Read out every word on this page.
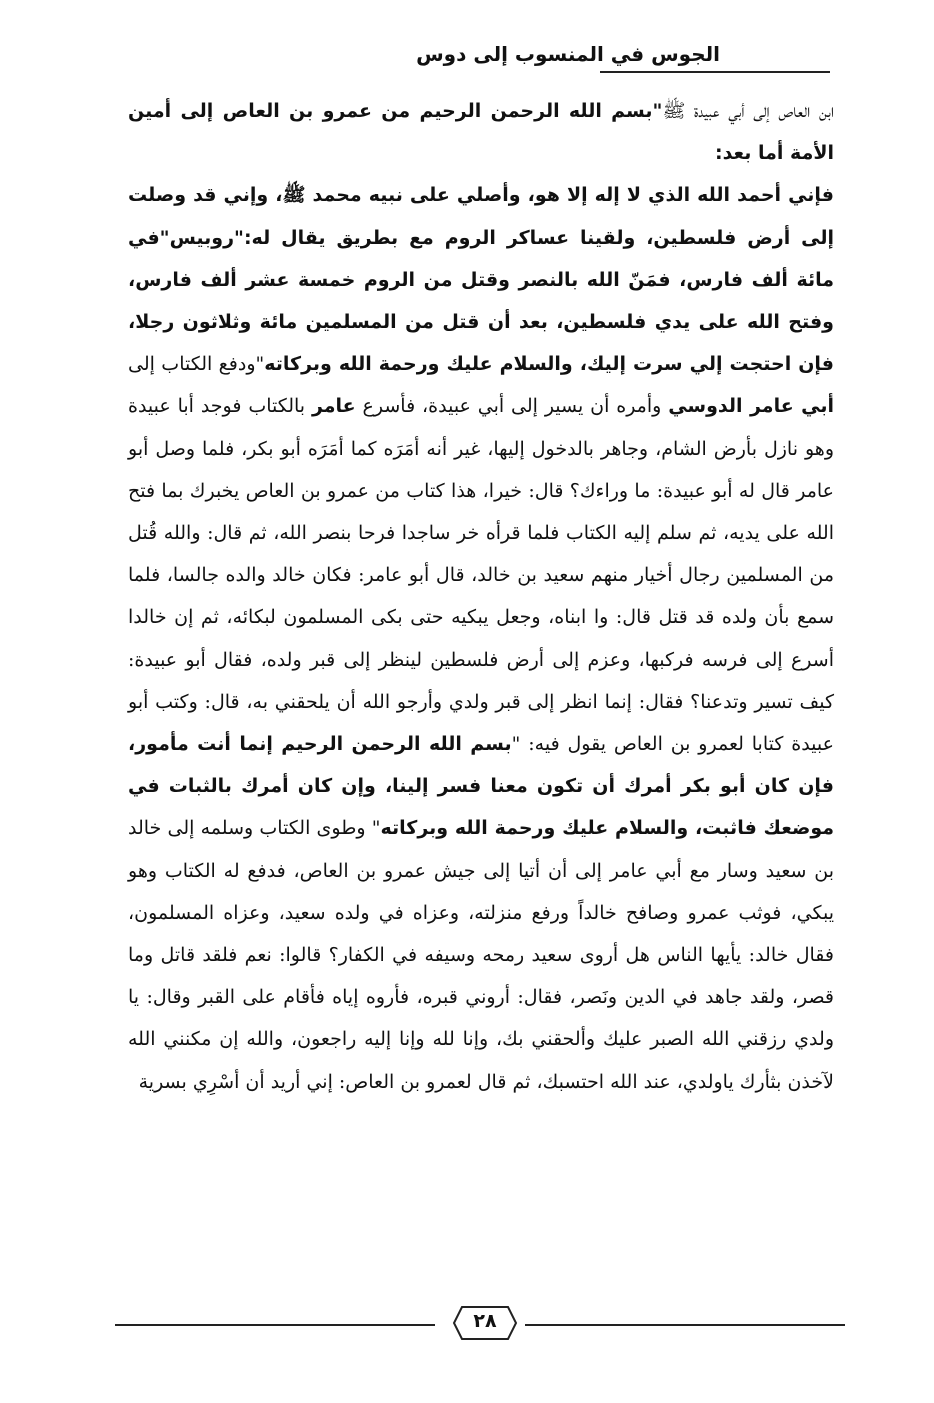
الجوس في المنسوب إلى دوس

ابن العاص إلى أبي عبيدة ﷺ"بسم الله الرحمن الرحيم من عمرو بن العاص إلى أمين الأمة أما بعد:

فإني أحمد الله الذي لا إله إلا هو، وأصلي على نبيه محمد ﷺ، وإني قد وصلت إلى أرض فلسطين، ولقينا عساكر الروم مع بطريق يقال له:"روبيس"في مائة ألف فارس، فمَنّ الله بالنصر وقتل من الروم خمسة عشر ألف فارس، وفتح الله على يدي فلسطين، بعد أن قتل من المسلمين مائة وثلاثون رجلا، فإن احتجت إلي سرت إليك، والسلام عليك ورحمة الله وبركاته"ودفع الكتاب إلى أبي عامر الدوسي وأمره أن يسير إلى أبي عبيدة، فأسرع عامر بالكتاب فوجد أبا عبيدة وهو نازل بأرض الشام، وجاهر بالدخول إليها، غير أنه أمَرَه كما أمَرَه أبو بكر، فلما وصل أبو عامر قال له أبو عبيدة: ما وراءك؟ قال: خيرا، هذا كتاب من عمرو بن العاص يخبرك بما فتح الله على يديه، ثم سلم إليه الكتاب فلما قرأه خر ساجدا فرحا بنصر الله، ثم قال: والله قُتل من المسلمين رجال أخيار منهم سعيد بن خالد، قال أبو عامر: فكان خالد والده جالسا، فلما سمع بأن ولده قد قتل قال: وا ابناه، وجعل يبكيه حتى بكى المسلمون لبكائه، ثم إن خالدا أسرع إلى فرسه فركبها، وعزم إلى أرض فلسطين لينظر إلى قبر ولده، فقال أبو عبيدة: كيف تسير وتدعنا؟ فقال: إنما انظر إلى قبر ولدي وأرجو الله أن يلحقني به، قال: وكتب أبو عبيدة كتابا لعمرو بن العاص يقول فيه: "بسم الله الرحمن الرحيم إنما أنت مأمور، فإن كان أبو بكر أمرك أن تكون معنا فسر إلينا، وإن كان أمرك بالثبات في موضعك فاثبت، والسلام عليك ورحمة الله وبركاته" وطوى الكتاب وسلمه إلى خالد بن سعيد وسار مع أبي عامر إلى أن أتيا إلى جيش عمرو بن العاص، فدفع له الكتاب وهو يبكي، فوثب عمرو وصافح خالداً ورفع منزلته، وعزاه في ولده سعيد، وعزاه المسلمون، فقال خالد: يأيها الناس هل أروى سعيد رمحه وسيفه في الكفار؟ قالوا: نعم فلقد قاتل وما قصر، ولقد جاهد في الدين ونَصر، فقال: أروني قبره، فأروه إياه فأقام على القبر وقال: يا ولدي رزقني الله الصبر عليك وألحقني بك، وإنا لله وإنا إليه راجعون، والله إن مكنني الله لآخذن بثأرك ياولدي، عند الله احتسبك، ثم قال لعمرو بن العاص: إني أريد أن أسْرِي بسرية

٢٨
